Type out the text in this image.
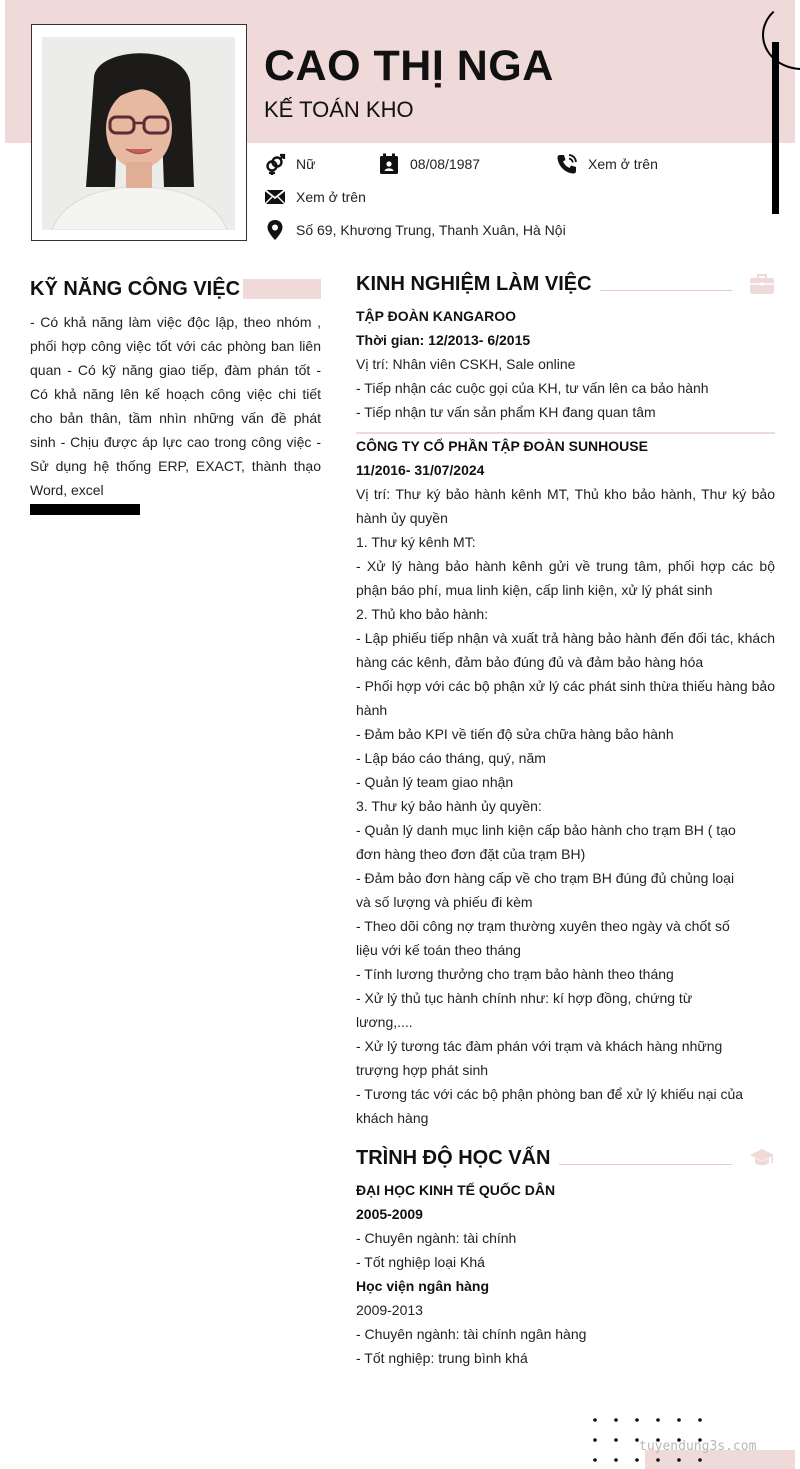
CAO THỊ NGA
KẾ TOÁN KHO
Nữ	08/08/1987	Xem ở trên
Xem ở trên
Số 69, Khương Trung, Thanh Xuân, Hà Nội
KỸ NĂNG CÔNG VIỆC
- Có khả năng làm việc độc lập, theo nhóm , phối hợp công việc tốt với các phòng ban liên quan - Có kỹ năng giao tiếp, đàm phán tốt - Có khả năng lên kế hoạch công việc chi tiết cho bản thân, tầm nhìn những vấn đề phát sinh - Chịu được áp lực cao trong công việc - Sử dụng hệ thống ERP, EXACT, thành thạo Word, excel
KINH NGHIỆM LÀM VIỆC

TẬP ĐOÀN KANGAROO

Thời gian: 12/2013- 6/2015

Vị trí: Nhân viên CSKH, Sale online

- Tiếp nhận các cuộc gọi của KH, tư vấn lên ca bảo hành

- Tiếp nhận tư vấn sản phẩm KH đang quan tâm

CÔNG TY CỔ PHẦN TẬP ĐOÀN SUNHOUSE

11/2016- 31/07/2024

Vị trí: Thư ký bảo hành kênh MT, Thủ kho bảo hành, Thư ký bảo hành ủy quyền

1. Thư ký kênh MT:

- Xử lý hàng bảo hành kênh gửi về trung tâm, phối hợp các bộ phận báo phí, mua linh kiện, cấp linh kiện, xử lý phát sinh

2. Thủ kho bảo hành:

- Lập phiếu tiếp nhận và xuất trả hàng bảo hành đến đối tác, khách hàng các kênh, đảm bảo đúng đủ và đảm bảo hàng hóa

- Phối hợp với các bộ phận xử lý các phát sinh thừa thiếu hàng bảo hành

- Đảm bảo KPI về tiến độ sửa chữa hàng bảo hành

- Lập báo cáo tháng, quý, năm

- Quản lý team giao nhận

3. Thư ký bảo hành ủy quyền:

- Quản lý danh mục linh kiện cấp bảo hành cho trạm BH ( tạo

đơn hàng theo đơn đặt của trạm BH)

- Đảm bảo đơn hàng cấp về cho trạm BH đúng đủ chủng loại

và số lượng và phiếu đi kèm

- Theo dõi công nợ trạm thường xuyên theo ngày và chốt số

liệu với kế toán theo tháng

- Tính lương thưởng cho trạm bảo hành theo tháng

- Xử lý thủ tục hành chính như: kí hợp đồng, chứng từ

lương,....

- Xử lý tương tác đàm phán với trạm và khách hàng những

trượng hợp phát sinh

- Tương tác với các bộ phận phòng ban để xử lý khiếu nại của khách hàng

TRÌNH ĐỘ HỌC VẤN

ĐẠI HỌC KINH TẾ QUỐC DÂN

2005-2009

- Chuyên ngành: tài chính

- Tốt nghiệp loại Khá

Học viện ngân hàng

2009-2013

- Chuyên ngành: tài chính ngân hàng

- Tốt nghiệp: trung bình khá

tuyendung3s.com
